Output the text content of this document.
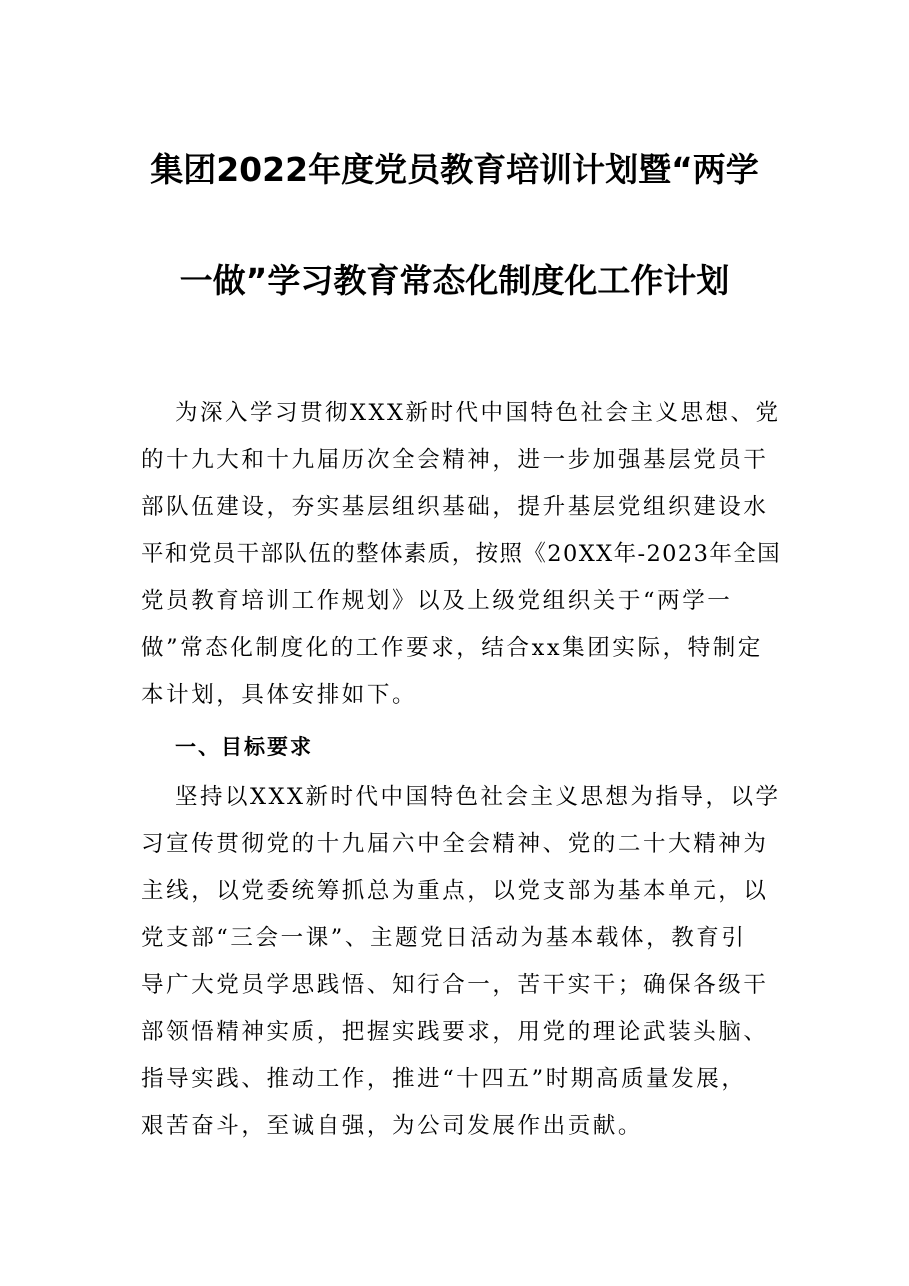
集团2022年度党员教育培训计划暨“两学
一做”学习教育常态化制度化工作计划
为深入学习贯彻XXX新时代中国特色社会主义思想、党
的十九大和十九届历次全会精神，进一步加强基层党员干
部队伍建设，夯实基层组织基础，提升基层党组织建设水
平和党员干部队伍的整体素质，按照《20XX年-2023年全国
党员教育培训工作规划》以及上级党组织关于“两学一
做”常态化制度化的工作要求，结合xx集团实际，特制定
本计划，具体安排如下。
一、目标要求
坚持以XXX新时代中国特色社会主义思想为指导，以学
习宣传贯彻党的十九届六中全会精神、党的二十大精神为
主线，以党委统筹抓总为重点，以党支部为基本单元，以
党支部“三会一课”、主题党日活动为基本载体，教育引
导广大党员学思践悟、知行合一，苦干实干；确保各级干
部领悟精神实质，把握实践要求，用党的理论武装头脑、
指导实践、推动工作，推进“十四五”时期高质量发展，
艰苦奋斗，至诚自强，为公司发展作出贡献。
